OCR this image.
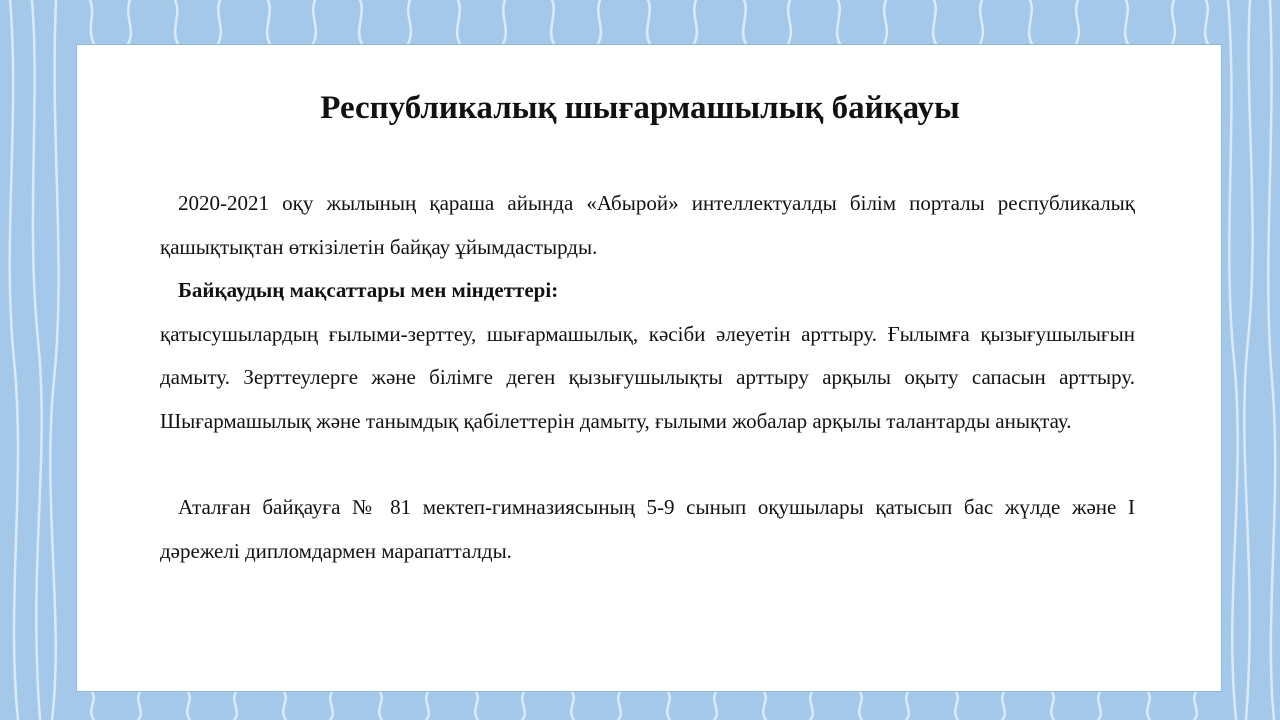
Республикалық шығармашылық байқауы

2020-2021 оқу жылының қараша айында «Абырой» интеллектуалды білім порталы республикалық қашықтықтан өткізілетін байқау ұйымдастырды.

Байқаудың мақсаттары мен міндеттері:

қатысушылардың ғылыми-зерттеу, шығармашылық, кәсіби әлеуетін арттыру. Ғылымға қызығушылығын дамыту. Зерттеулерге және білімге деген қызығушылықты арттыру арқылы оқыту сапасын арттыру. Шығармашылық және танымдық қабілеттерін дамыту, ғылыми жобалар арқылы талантарды анықтау.

Аталған байқауға № 81 мектеп-гимназиясының 5-9 сынып оқушылары қатысып бас жүлде және І дәрежелі дипломдармен марапатталды.
